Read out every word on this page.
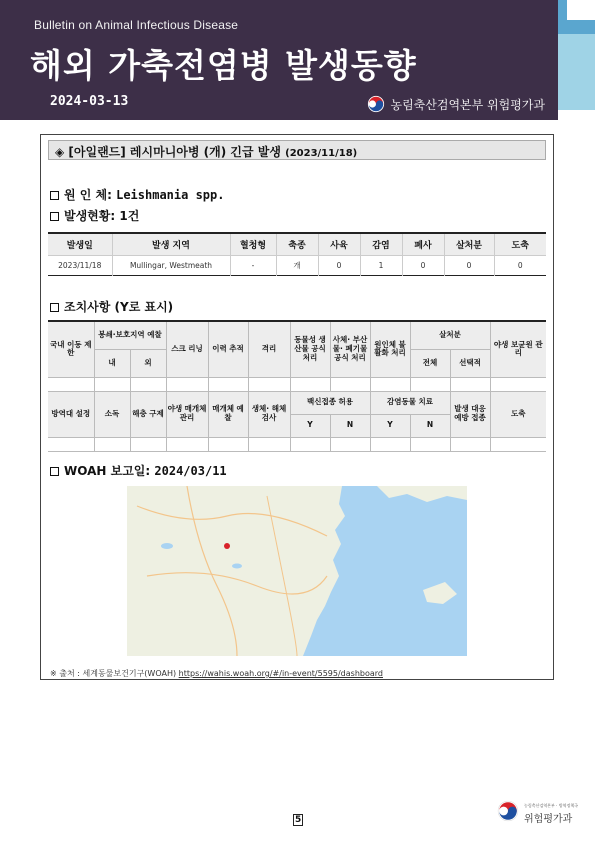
Bulletin on Animal Infectious Disease
해외 가축전염병 발생동향
2024-03-13	농림축산검역본부 위험평가과
◈ [아일랜드] 레시마니아병 (개) 긴급 발생 (2023/11/18)
원 인 체: Leishmania spp.
발생현황: 1건
발생일	발생 지역	혈청형	축종	사육	감염	폐사	살처분	도축
2023/11/18	Mullingar, Westmeath	-	개	0	1	0	0	0
조치사항 (Y로 표시)
국내 이동 제한	봉쇄·보호지역 예찰		스크 리닝	이력 추적	격리	동물성 생산물 공식 처리	사체· 부산물· 폐기물 공식 처리	원인체 불활화 처리	살처분		야생 보균원 관리
	내	외							전체	선택적	

방역대 설정	소독	해충 구제	야생 매개체 관리	매개체 예찰	생체· 해체 검사	백신접종 허용		감염동물 치료		발생 대응 예방 접종	도축
						Y	N	Y	N		

WOAH 보고일: 2024/03/11
※ 출처 : 세계동물보건기구(WOAH) https://wahis.woah.org/#/in-event/5595/dashboard
5
농림축산검역본부 · 방역정책국
위험평가과
